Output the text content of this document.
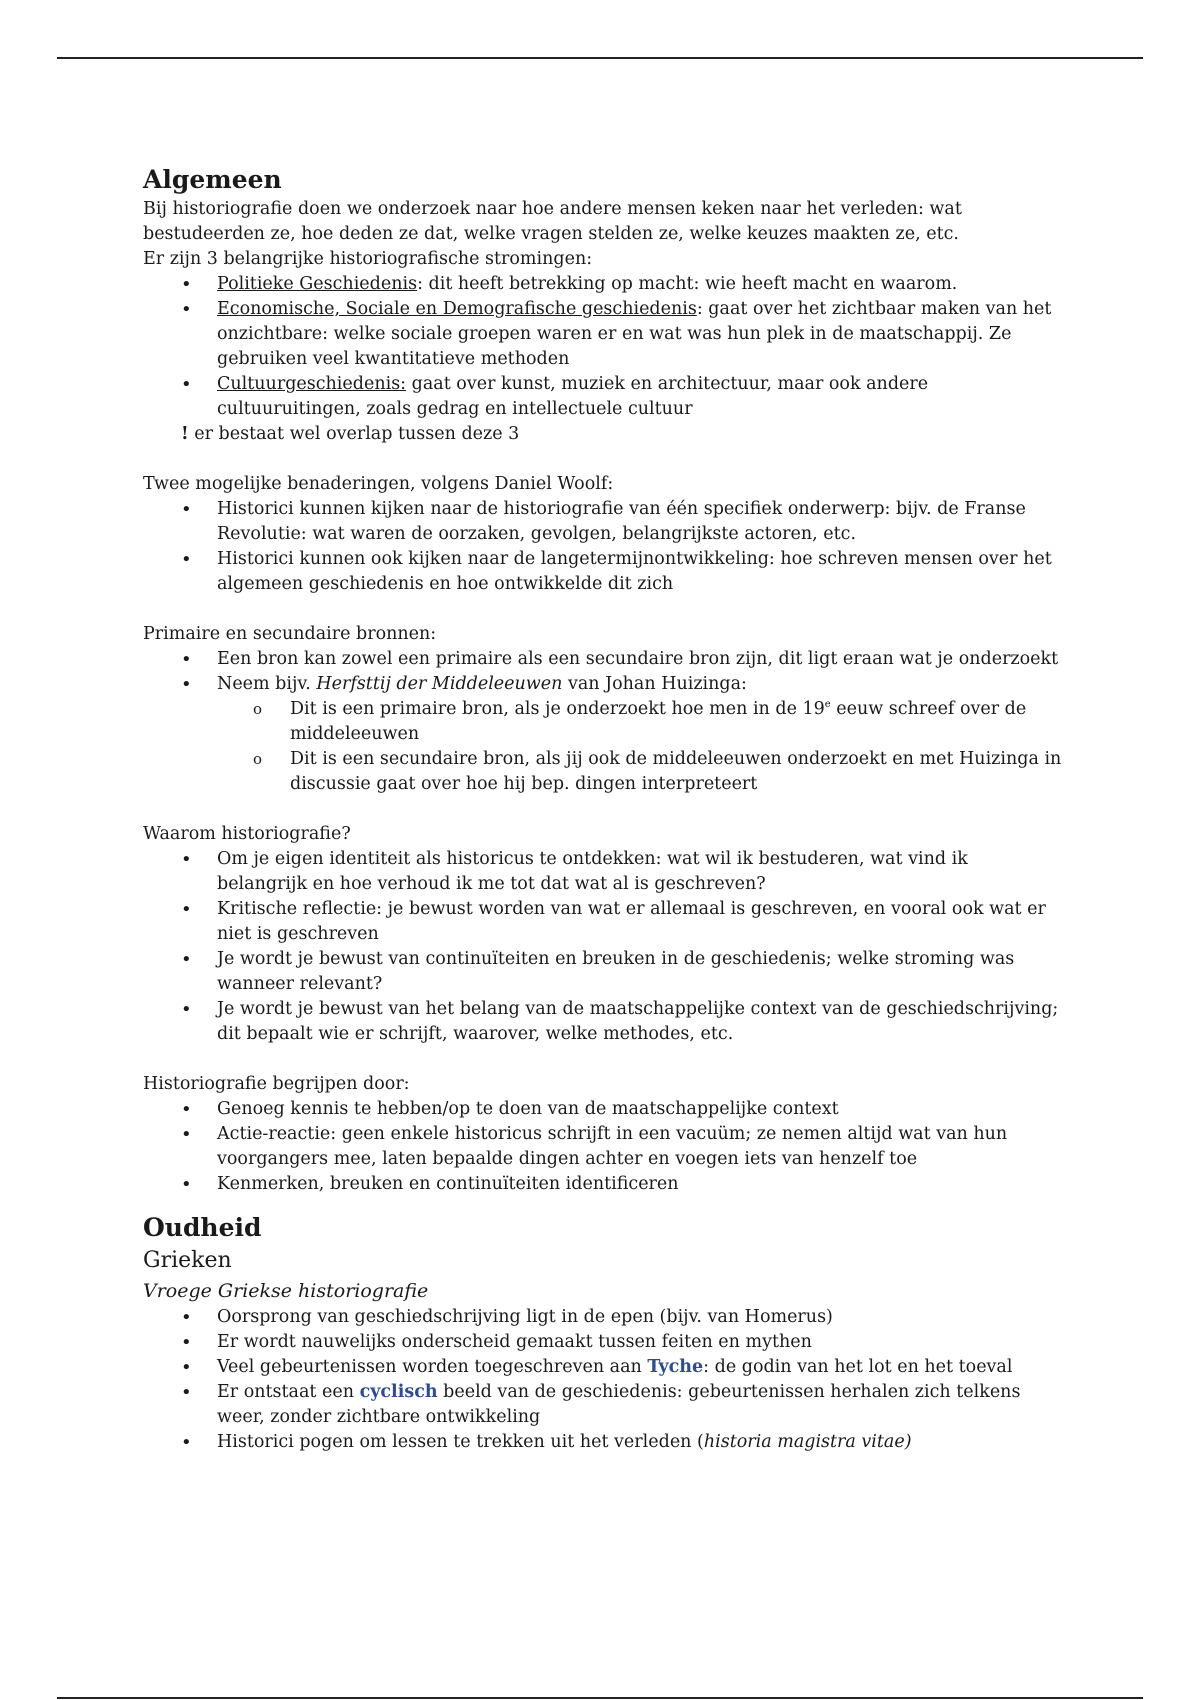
Algemeen

Bij historiografie doen we onderzoek naar hoe andere mensen keken naar het verleden: wat bestudeerden ze, hoe deden ze dat, welke vragen stelden ze, welke keuzes maakten ze, etc.

Er zijn 3 belangrijke historiografische stromingen:

• Politieke Geschiedenis: dit heeft betrekking op macht: wie heeft macht en waarom.
• Economische, Sociale en Demografische geschiedenis: gaat over het zichtbaar maken van het onzichtbare: welke sociale groepen waren er en wat was hun plek in de maatschappij. Ze gebruiken veel kwantitatieve methoden
• Cultuurgeschiedenis: gaat over kunst, muziek en architectuur, maar ook andere cultuuruitingen, zoals gedrag en intellectuele cultuur

! er bestaat wel overlap tussen deze 3

Twee mogelijke benaderingen, volgens Daniel Woolf:

• Historici kunnen kijken naar de historiografie van één specifiek onderwerp: bijv. de Franse Revolutie: wat waren de oorzaken, gevolgen, belangrijkste actoren, etc.
• Historici kunnen ook kijken naar de langetermijnontwikkeling: hoe schreven mensen over het algemeen geschiedenis en hoe ontwikkelde dit zich

Primaire en secundaire bronnen:

• Een bron kan zowel een primaire als een secundaire bron zijn, dit ligt eraan wat je onderzoekt
• Neem bijv. Herfsttij der Middeleeuwen van Johan Huizinga:
o Dit is een primaire bron, als je onderzoekt hoe men in de 19e eeuw schreef over de middeleeuwen
o Dit is een secundaire bron, als jij ook de middeleeuwen onderzoekt en met Huizinga in discussie gaat over hoe hij bep. dingen interpreteert

Waarom historiografie?

• Om je eigen identiteit als historicus te ontdekken: wat wil ik bestuderen, wat vind ik belangrijk en hoe verhoud ik me tot dat wat al is geschreven?
• Kritische reflectie: je bewust worden van wat er allemaal is geschreven, en vooral ook wat er niet is geschreven
• Je wordt je bewust van continuïteiten en breuken in de geschiedenis; welke stroming was wanneer relevant?
• Je wordt je bewust van het belang van de maatschappelijke context van de geschiedschrijving; dit bepaalt wie er schrijft, waarover, welke methodes, etc.

Historiografie begrijpen door:

• Genoeg kennis te hebben/op te doen van de maatschappelijke context
• Actie-reactie: geen enkele historicus schrijft in een vacuüm; ze nemen altijd wat van hun voorgangers mee, laten bepaalde dingen achter en voegen iets van henzelf toe
• Kenmerken, breuken en continuïteiten identificeren
Oudheid
Grieken
Vroege Griekse historiografie
• Oorsprong van geschiedschrijving ligt in de epen (bijv. van Homerus)
• Er wordt nauwelijks onderscheid gemaakt tussen feiten en mythen
• Veel gebeurtenissen worden toegeschreven aan Tyche: de godin van het lot en het toeval
• Er ontstaat een cyclisch beeld van de geschiedenis: gebeurtenissen herhalen zich telkens weer, zonder zichtbare ontwikkeling
• Historici pogen om lessen te trekken uit het verleden (historia magistra vitae)
